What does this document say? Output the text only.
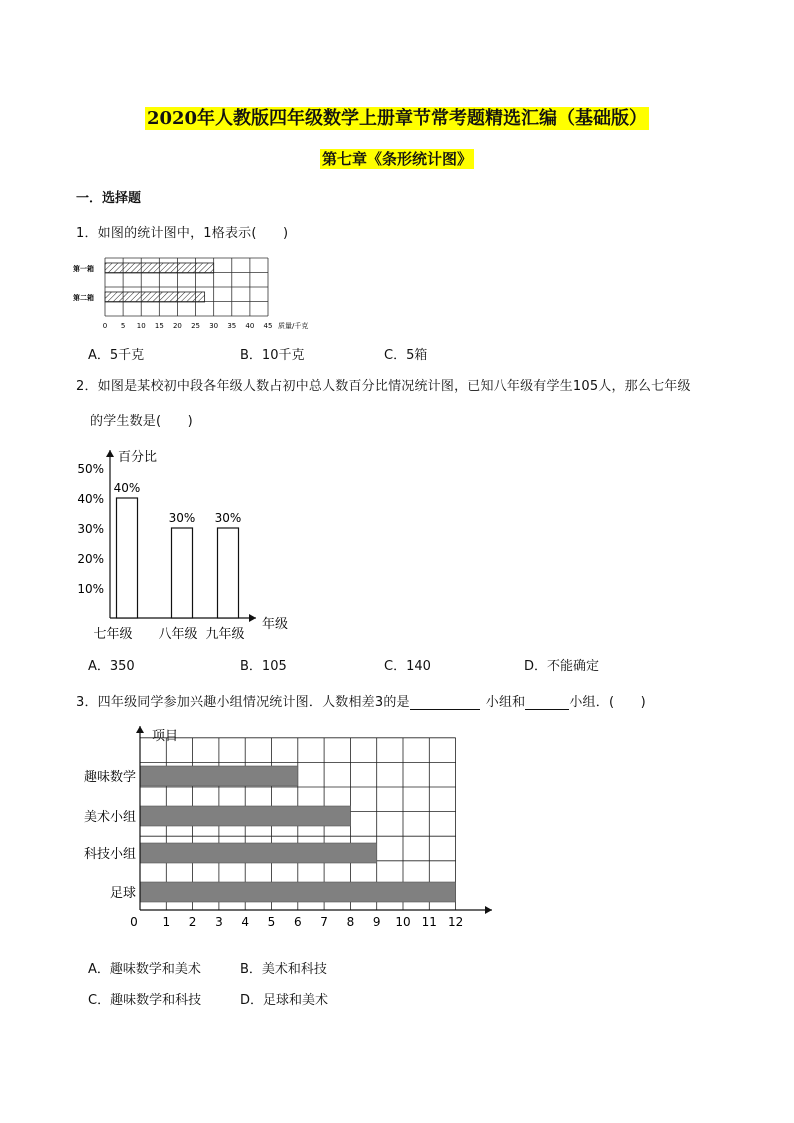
2020年人教版四年级数学上册章节常考题精选汇编（基础版）
第七章《条形统计图》
一．选择题
1．如图的统计图中，1格表示(　　)
第一箱
第二箱
0 5 10 15 20 25 30 35 40 45 质量/千克
A．5千克	B．10千克	C．5箱
2．如图是某校初中段各年级人数占初中总人数百分比情况统计图，已知八年级有学生105人，那么七年级
的学生数是(　　)
10%
20%
30%
40%
50%
40%
30% 30%
七年级 八年级 九年级
百分比
年级
A．350	B．105	C．140	D．不能确定
3．四年级同学参加兴趣小组情况统计图．人数相差3的是	小组和	小组．(　　)
趣味数学
美术小组
科技小组
足球
0 1 2 3 4 5 6 7 8 9 10 11 12
项目
A．趣味数学和美术	B．美术和科技
C．趣味数学和科技	D．足球和美术
